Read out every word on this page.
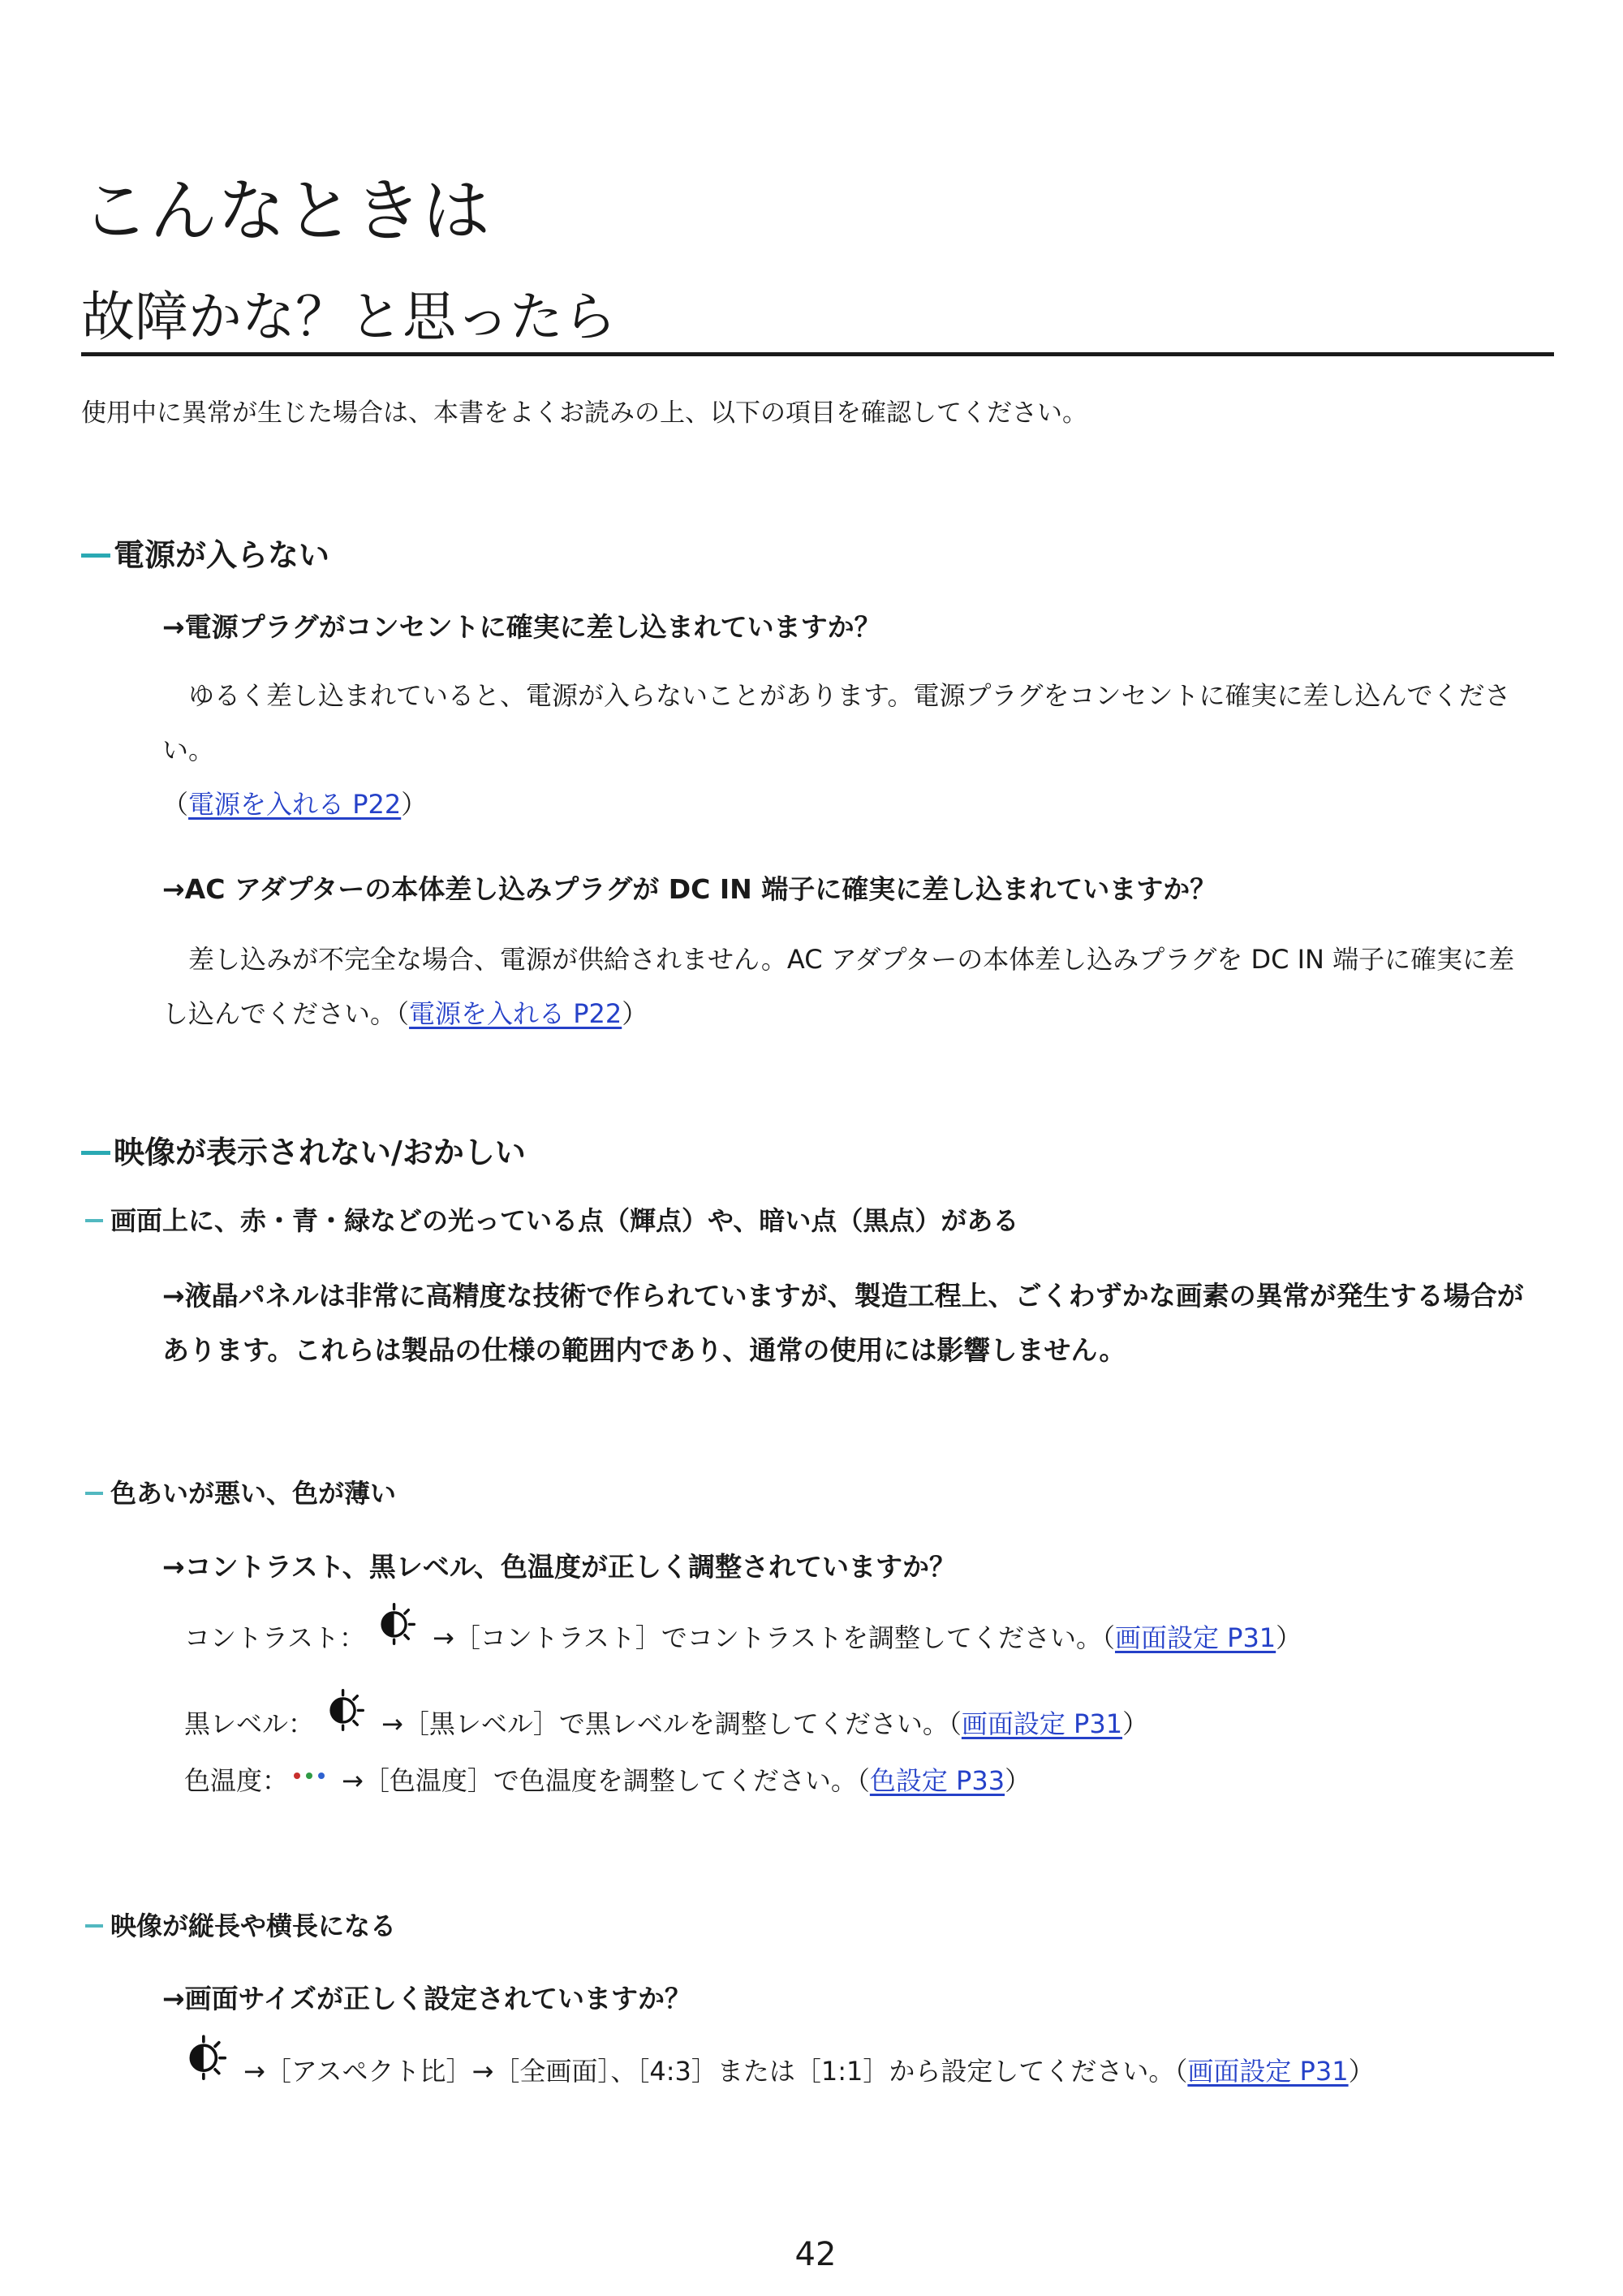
こんなときは
故障かな？と思ったら

使用中に異常が生じた場合は、本書をよくお読みの上、以下の項目を確認してください。

電源が入らない
→電源プラグがコンセントに確実に差し込まれていますか？
　ゆるく差し込まれていると、電源が入らないことがあります。電源プラグをコンセントに確実に差し込んでください。
（電源を入れる P22）
→AC アダプターの本体差し込みプラグが DC IN 端子に確実に差し込まれていますか？
　差し込みが不完全な場合、電源が供給されません。AC アダプターの本体差し込みプラグを DC IN 端子に確実に差
し込んでください。（電源を入れる P22）
映像が表示されない/おかしい
画面上に、赤・青・緑などの光っている点（輝点）や、暗い点（黒点）がある
→液晶パネルは非常に高精度な技術で作られていますが、製造工程上、ごくわずかな画素の異常が発生する場合が
あります。これらは製品の仕様の範囲内であり、通常の使用には影響しません。
色あいが悪い、色が薄い
→コントラスト、黒レベル、色温度が正しく調整されていますか？
コントラスト：	→［コントラスト］でコントラストを調整してください。（画面設定 P31）
黒レベル：	→［黒レベル］で黒レベルを調整してください。（画面設定 P31）
色温度： →［色温度］で色温度を調整してください。（色設定 P33）
映像が縦長や横長になる
→画面サイズが正しく設定されていますか？
→［アスペクト比］→［全画面］、［4:3］または［1:1］から設定してください。（画面設定 P31）
42
